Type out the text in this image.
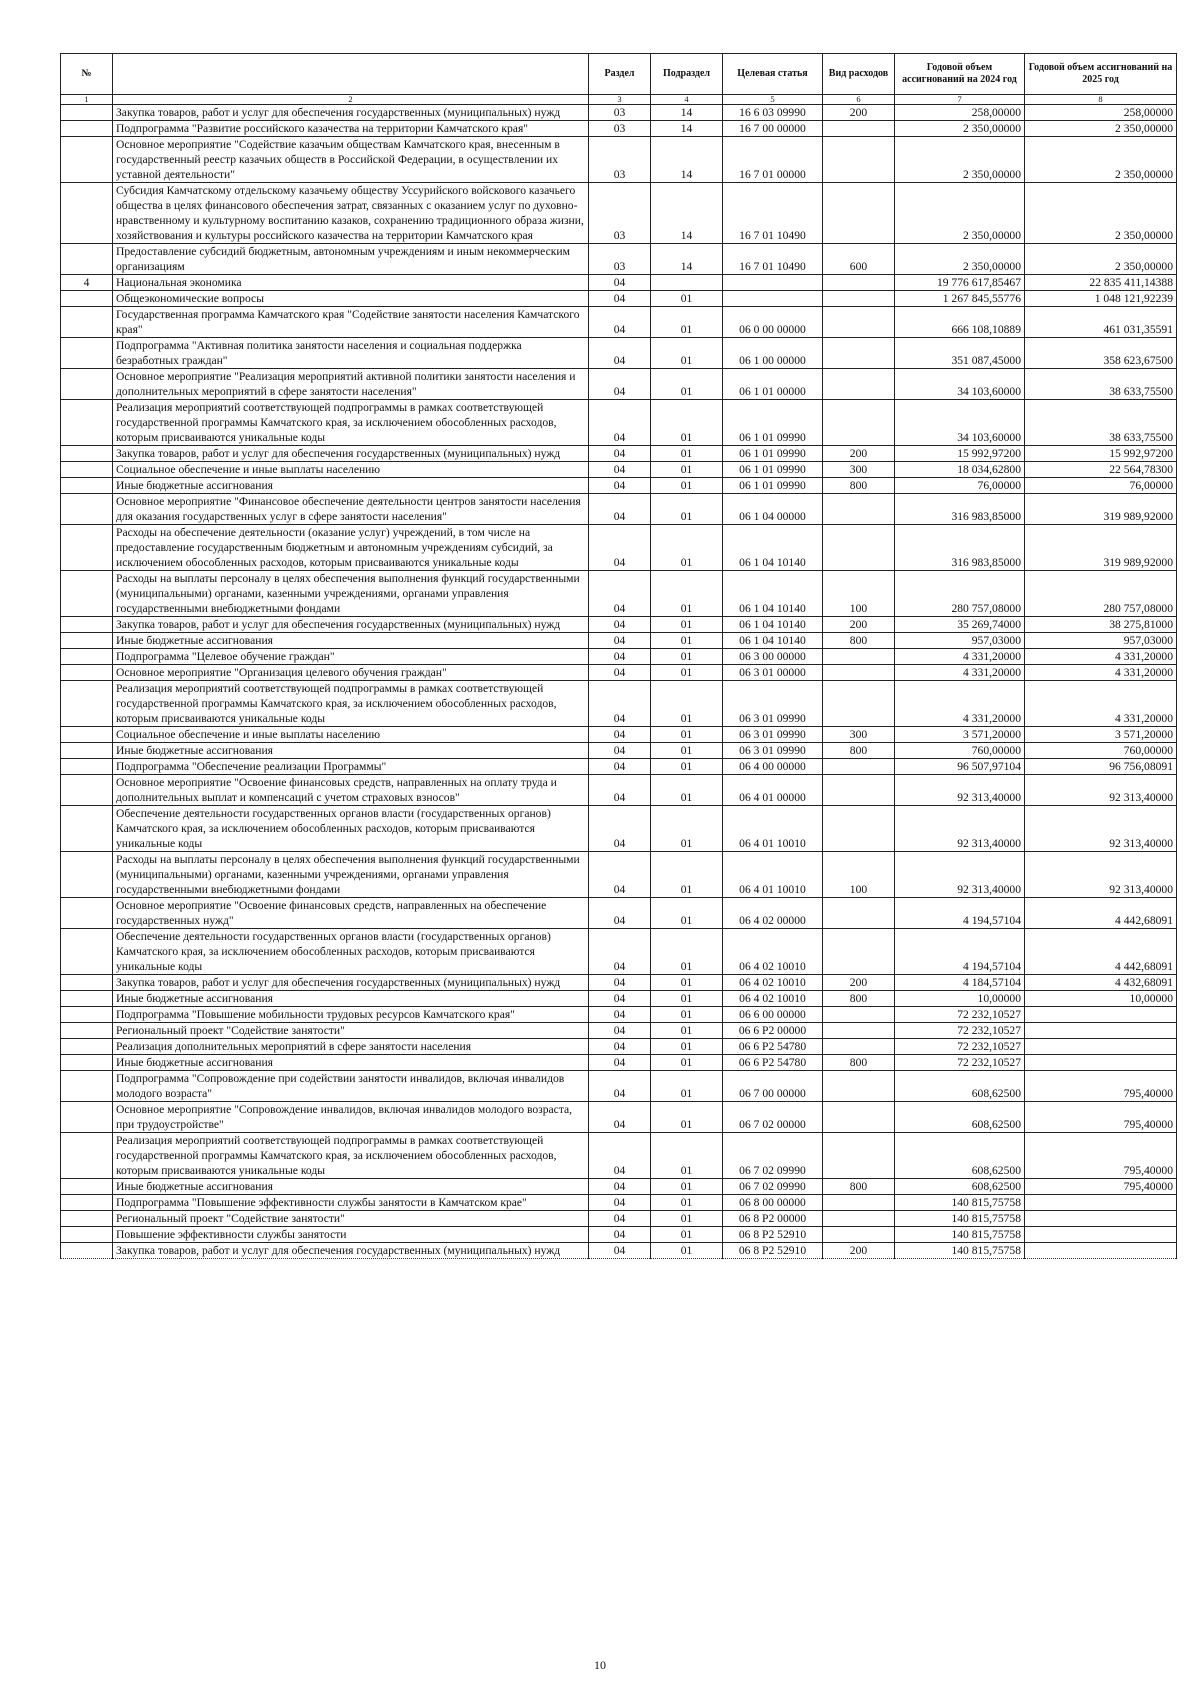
№		Раздел	Подраздел	Целевая статья	Вид расходов	Годовой объем ассигнований на 2024 год	Годовой объем ассигнований на 2025 год
1	2	3	4	5	6	7	8
	Закупка товаров, работ и услуг для обеспечения государственных (муниципальных) нужд	03	14	16 6 03 09990	200	258,00000	258,00000
	Подпрограмма "Развитие российского казачества на территории Камчатского края"	03	14	16 7 00 00000		2 350,00000	2 350,00000
	Основное мероприятие "Содействие казачьим обществам Камчатского края, внесенным в государственный реестр казачьих обществ в Российской Федерации, в осуществлении их уставной деятельности"	03	14	16 7 01 00000		2 350,00000	2 350,00000
	Субсидия Камчатскому отдельскому казачьему обществу Уссурийского войскового казачьего общества в целях финансового обеспечения затрат, связанных с оказанием услуг по духовно-нравственному и культурному воспитанию казаков, сохранению традиционного образа жизни, хозяйствования и культуры российского казачества на территории Камчатского края	03	14	16 7 01 10490		2 350,00000	2 350,00000
	Предоставление субсидий бюджетным, автономным учреждениям и иным некоммерческим организациям	03	14	16 7 01 10490	600	2 350,00000	2 350,00000
4	Национальная экономика	04				19 776 617,85467	22 835 411,14388
	Общеэкономические вопросы	04	01			1 267 845,55776	1 048 121,92239
	Государственная программа Камчатского края "Содействие занятости населения Камчатского края"	04	01	06 0 00 00000		666 108,10889	461 031,35591
	Подпрограмма "Активная политика занятости населения и социальная поддержка безработных граждан"	04	01	06 1 00 00000		351 087,45000	358 623,67500
	Основное мероприятие "Реализация мероприятий активной политики занятости населения и дополнительных мероприятий в сфере занятости населения"	04	01	06 1 01 00000		34 103,60000	38 633,75500
	Реализация мероприятий соответствующей подпрограммы в рамках соответствующей государственной программы Камчатского края, за исключением обособленных расходов, которым присваиваются уникальные коды	04	01	06 1 01 09990		34 103,60000	38 633,75500
	Закупка товаров, работ и услуг для обеспечения государственных (муниципальных) нужд	04	01	06 1 01 09990	200	15 992,97200	15 992,97200
	Социальное обеспечение и иные выплаты населению	04	01	06 1 01 09990	300	18 034,62800	22 564,78300
	Иные бюджетные ассигнования	04	01	06 1 01 09990	800	76,00000	76,00000
	Основное мероприятие "Финансовое обеспечение деятельности центров занятости населения для оказания государственных услуг в сфере занятости населения"	04	01	06 1 04 00000		316 983,85000	319 989,92000
	Расходы на обеспечение деятельности (оказание услуг) учреждений, в том числе на предоставление государственным бюджетным и автономным учреждениям субсидий, за исключением обособленных расходов, которым присваиваются уникальные коды	04	01	06 1 04 10140		316 983,85000	319 989,92000
	Расходы на выплаты персоналу в целях обеспечения выполнения функций государственными (муниципальными) органами, казенными учреждениями, органами управления государственными внебюджетными фондами	04	01	06 1 04 10140	100	280 757,08000	280 757,08000
	Закупка товаров, работ и услуг для обеспечения государственных (муниципальных) нужд	04	01	06 1 04 10140	200	35 269,74000	38 275,81000
	Иные бюджетные ассигнования	04	01	06 1 04 10140	800	957,03000	957,03000
	Подпрограмма "Целевое обучение граждан"	04	01	06 3 00 00000		4 331,20000	4 331,20000
	Основное мероприятие "Организация целевого обучения граждан"	04	01	06 3 01 00000		4 331,20000	4 331,20000
	Реализация мероприятий соответствующей подпрограммы в рамках соответствующей государственной программы Камчатского края, за исключением обособленных расходов, которым присваиваются уникальные коды	04	01	06 3 01 09990		4 331,20000	4 331,20000
	Социальное обеспечение и иные выплаты населению	04	01	06 3 01 09990	300	3 571,20000	3 571,20000
	Иные бюджетные ассигнования	04	01	06 3 01 09990	800	760,00000	760,00000
	Подпрограмма "Обеспечение реализации Программы"	04	01	06 4 00 00000		96 507,97104	96 756,08091
	Основное мероприятие "Освоение финансовых средств, направленных на оплату труда и дополнительных выплат и компенсаций с учетом страховых взносов"	04	01	06 4 01 00000		92 313,40000	92 313,40000
	Обеспечение деятельности государственных органов власти (государственных органов) Камчатского края, за исключением обособленных расходов, которым присваиваются уникальные коды	04	01	06 4 01 10010		92 313,40000	92 313,40000
	Расходы на выплаты персоналу в целях обеспечения выполнения функций государственными (муниципальными) органами, казенными учреждениями, органами управления государственными внебюджетными фондами	04	01	06 4 01 10010	100	92 313,40000	92 313,40000
	Основное мероприятие "Освоение финансовых средств, направленных на обеспечение государственных нужд"	04	01	06 4 02 00000		4 194,57104	4 442,68091
	Обеспечение деятельности государственных органов власти (государственных органов) Камчатского края, за исключением обособленных расходов, которым присваиваются уникальные коды	04	01	06 4 02 10010		4 194,57104	4 442,68091
	Закупка товаров, работ и услуг для обеспечения государственных (муниципальных) нужд	04	01	06 4 02 10010	200	4 184,57104	4 432,68091
	Иные бюджетные ассигнования	04	01	06 4 02 10010	800	10,00000	10,00000
	Подпрограмма "Повышение мобильности трудовых ресурсов Камчатского края"	04	01	06 6 00 00000		72 232,10527	
	Региональный проект "Содействие занятости"	04	01	06 6 P2 00000		72 232,10527	
	Реализация дополнительных мероприятий в сфере занятости населения	04	01	06 6 P2 54780		72 232,10527	
	Иные бюджетные ассигнования	04	01	06 6 P2 54780	800	72 232,10527	
	Подпрограмма "Сопровождение при содействии занятости инвалидов, включая инвалидов молодого возраста"	04	01	06 7 00 00000		608,62500	795,40000
	Основное мероприятие "Сопровождение инвалидов, включая инвалидов молодого возраста, при трудоустройстве"	04	01	06 7 02 00000		608,62500	795,40000
	Реализация мероприятий соответствующей подпрограммы в рамках соответствующей государственной программы Камчатского края, за исключением обособленных расходов, которым присваиваются уникальные коды	04	01	06 7 02 09990		608,62500	795,40000
	Иные бюджетные ассигнования	04	01	06 7 02 09990	800	608,62500	795,40000
	Подпрограмма "Повышение эффективности службы занятости в Камчатском крае"	04	01	06 8 00 00000		140 815,75758	
	Региональный проект "Содействие занятости"	04	01	06 8 P2 00000		140 815,75758	
	Повышение эффективности службы занятости	04	01	06 8 P2 52910		140 815,75758	
	Закупка товаров, работ и услуг для обеспечения государственных (муниципальных) нужд	04	01	06 8 P2 52910	200	140 815,75758	
10
